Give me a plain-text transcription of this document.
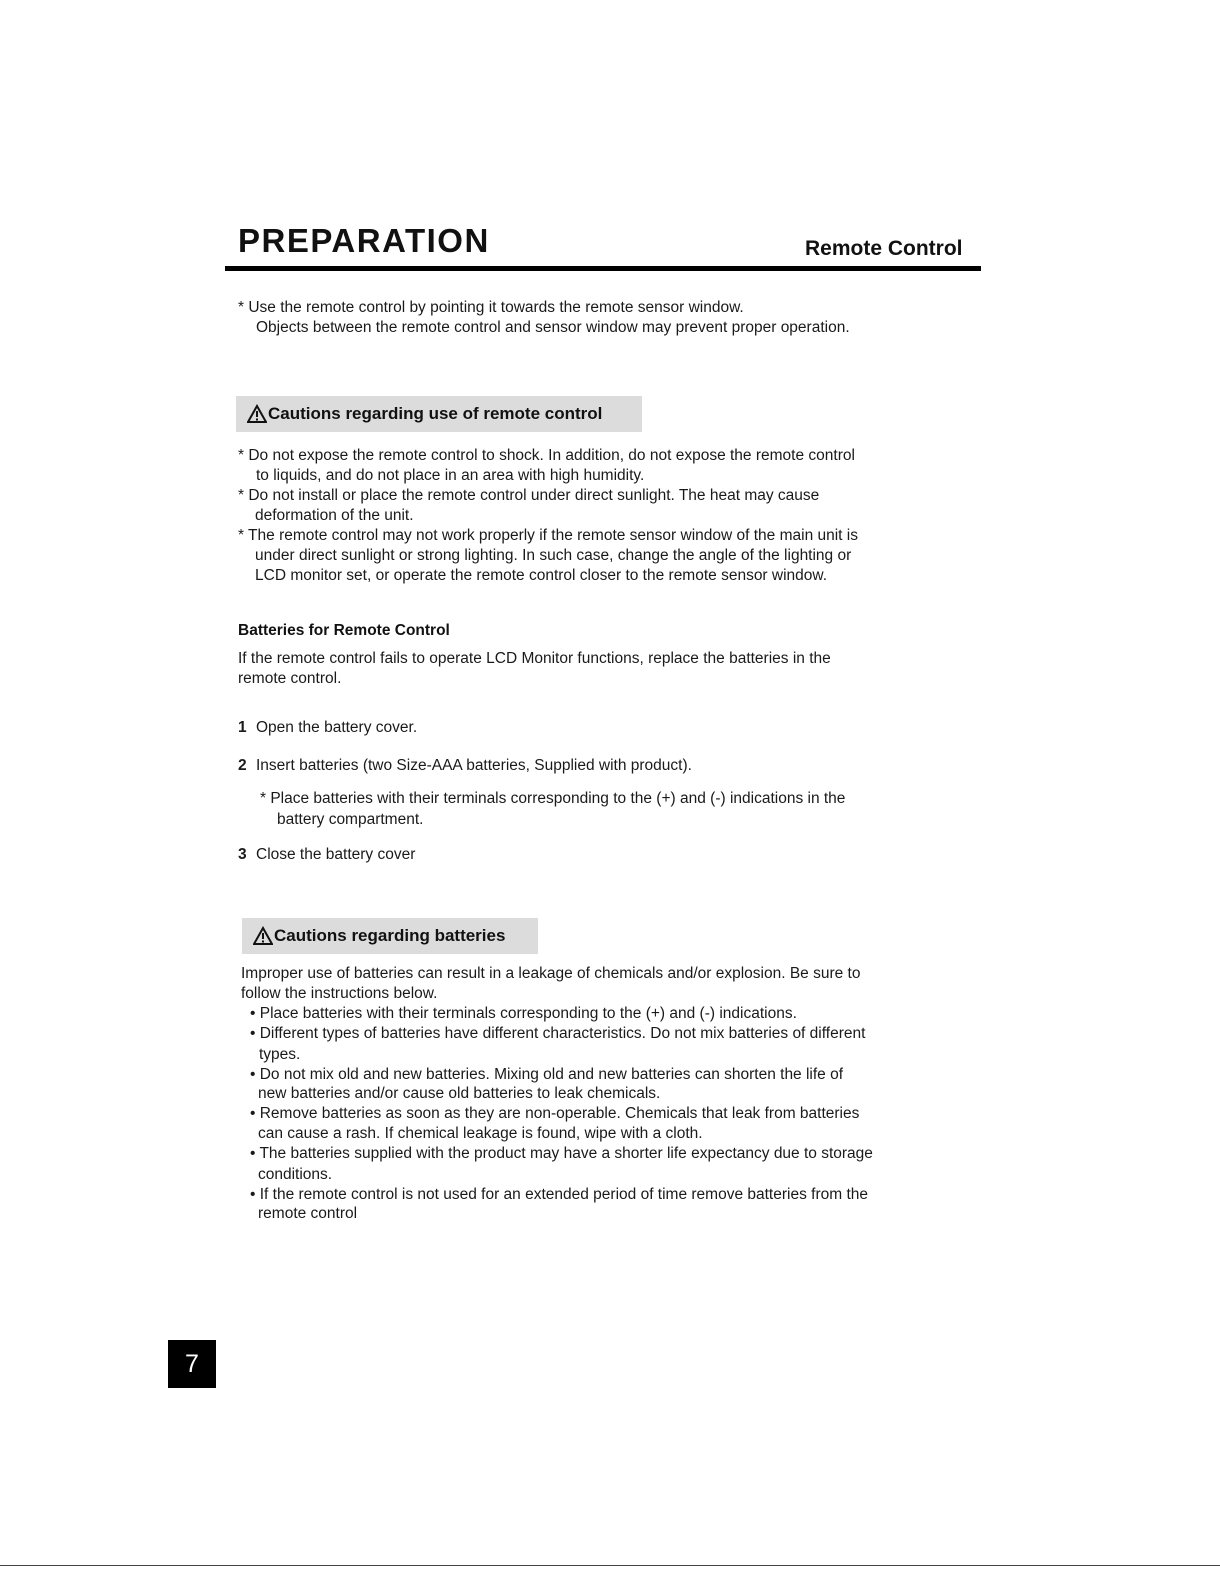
PREPARATION	Remote Control
* Use the remote control by pointing it towards the remote sensor window.
Objects between the remote control and sensor window may prevent proper operation.
Cautions regarding use of remote control
* Do not expose the remote control to shock. In addition, do not expose the remote control
to liquids, and do not place in an area with high humidity.
* Do not install or place the remote control under direct sunlight. The heat may cause
deformation of the unit.
* The remote control may not work properly if the remote sensor window of the main unit is
under direct sunlight or strong lighting. In such case, change the angle of the lighting or
LCD monitor set, or operate the remote control closer to the remote sensor window.
Batteries for Remote Control
If the remote control fails to operate LCD Monitor functions, replace the batteries in the
remote control.
1 Open the battery cover.
2 Insert batteries (two Size-AAA batteries, Supplied with product).
* Place batteries with their terminals corresponding to the (+) and (-) indications in the
battery compartment.
3 Close the battery cover
Cautions regarding batteries
Improper use of batteries can result in a leakage of chemicals and/or explosion. Be sure to
follow the instructions below.
• Place batteries with their terminals corresponding to the (+) and (-) indications.
• Different types of batteries have different characteristics. Do not mix batteries of different
types.
• Do not mix old and new batteries. Mixing old and new batteries can shorten the life of
new batteries and/or cause old batteries to leak chemicals.
• Remove batteries as soon as they are non-operable. Chemicals that leak from batteries
can cause a rash. If chemical leakage is found, wipe with a cloth.
• The batteries supplied with the product may have a shorter life expectancy due to storage
conditions.
• If the remote control is not used for an extended period of time remove batteries from the
remote control
7
